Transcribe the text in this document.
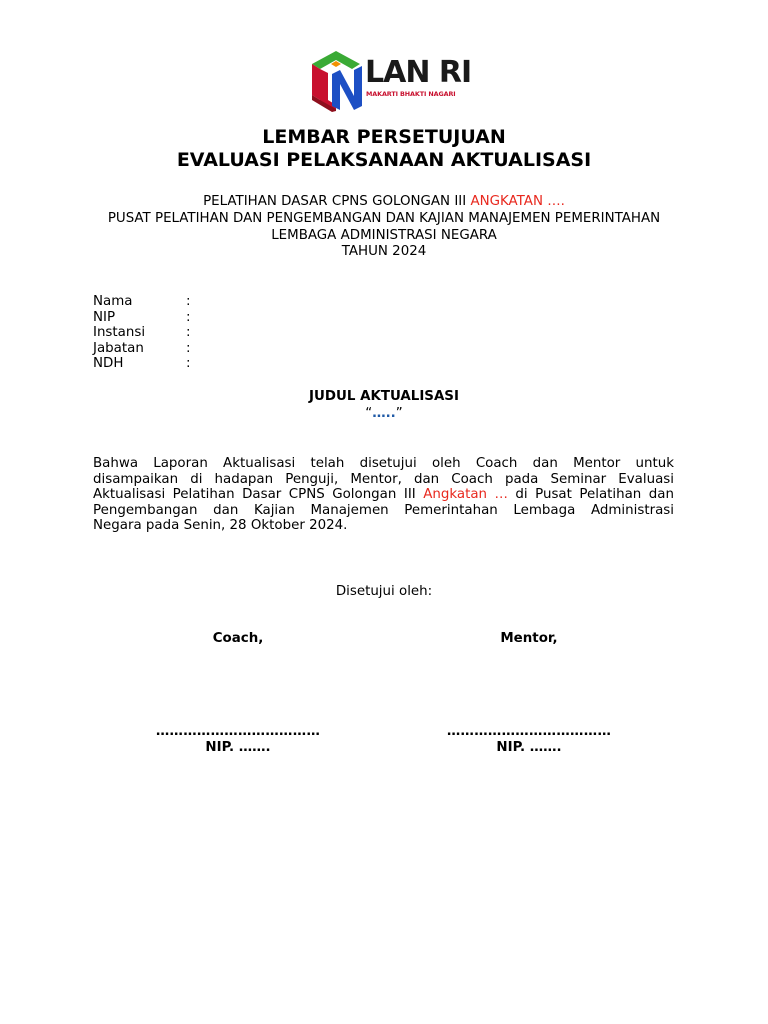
LAN RI
MAKARTI BHAKTI NAGARI
LEMBAR PERSETUJUAN
EVALUASI PELAKSANAAN AKTUALISASI
PELATIHAN DASAR CPNS GOLONGAN III ANGKATAN ….
PUSAT PELATIHAN DAN PENGEMBANGAN DAN KAJIAN MANAJEMEN PEMERINTAHAN
LEMBAGA ADMINISTRASI NEGARA
TAHUN 2024
Nama	:
NIP	:
Instansi	:
Jabatan	:
NDH	:
JUDUL AKTUALISASI
“…..”
Bahwa Laporan Aktualisasi telah disetujui oleh Coach dan Mentor untuk
disampaikan di hadapan Penguji, Mentor, dan Coach pada Seminar Evaluasi
Aktualisasi Pelatihan Dasar CPNS Golongan III Angkatan … di Pusat Pelatihan dan
Pengembangan dan Kajian Manajemen Pemerintahan Lembaga Administrasi
Negara pada Senin, 28 Oktober 2024.
Disetujui oleh:
Coach,
………………………………
NIP. …….
Mentor,
………………………………
NIP. …….
